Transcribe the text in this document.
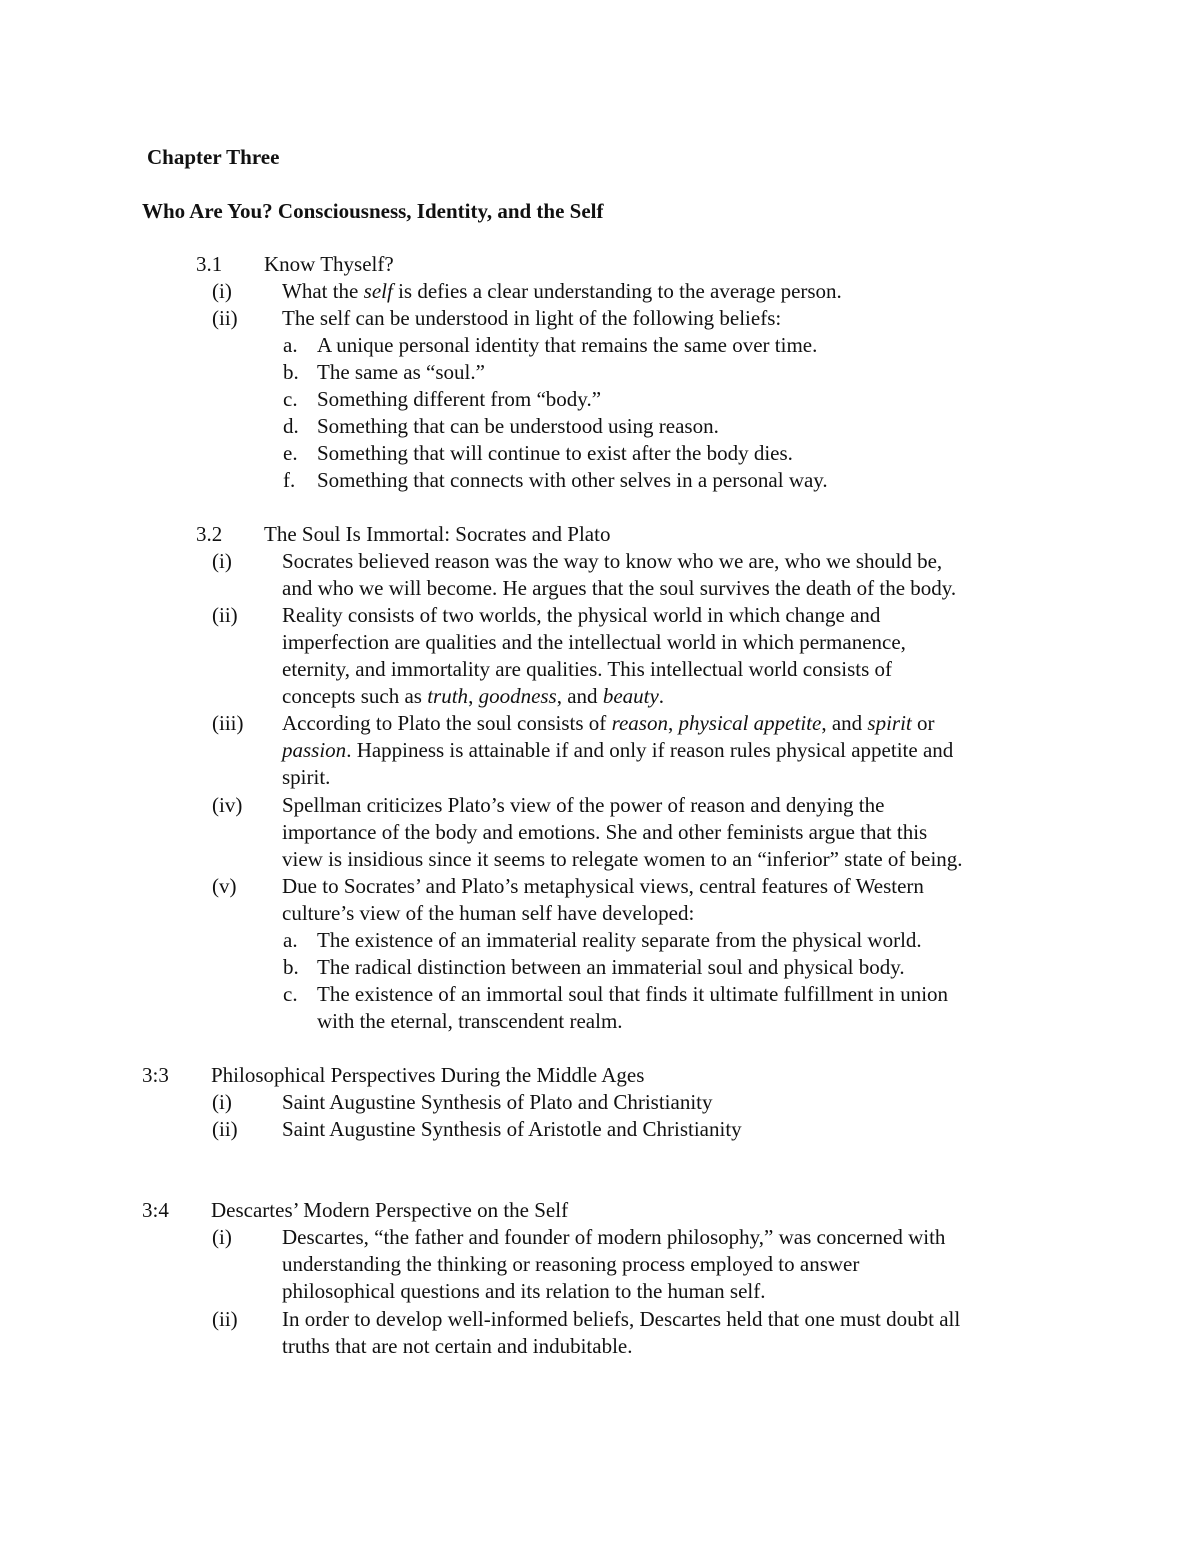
Chapter Three
Who Are You? Consciousness, Identity, and the Self
3.1 Know Thyself?
(i) What the self is defies a clear understanding to the average person.
(ii) The self can be understood in light of the following beliefs:
a. A unique personal identity that remains the same over time.
b. The same as “soul.”
c. Something different from “body.”
d. Something that can be understood using reason.
e. Something that will continue to exist after the body dies.
f. Something that connects with other selves in a personal way.
3.2 The Soul Is Immortal: Socrates and Plato
(i) Socrates believed reason was the way to know who we are, who we should be,
and who we will become. He argues that the soul survives the death of the body.
(ii) Reality consists of two worlds, the physical world in which change and
imperfection are qualities and the intellectual world in which permanence,
eternity, and immortality are qualities. This intellectual world consists of
concepts such as truth, goodness, and beauty.
(iii) According to Plato the soul consists of reason, physical appetite, and spirit or
passion. Happiness is attainable if and only if reason rules physical appetite and
spirit.
(iv) Spellman criticizes Plato’s view of the power of reason and denying the
importance of the body and emotions. She and other feminists argue that this
view is insidious since it seems to relegate women to an “inferior” state of being.
(v) Due to Socrates’ and Plato’s metaphysical views, central features of Western
culture’s view of the human self have developed:
a. The existence of an immaterial reality separate from the physical world.
b. The radical distinction between an immaterial soul and physical body.
c. The existence of an immortal soul that finds it ultimate fulfillment in union
with the eternal, transcendent realm.
3:3 Philosophical Perspectives During the Middle Ages
(i) Saint Augustine Synthesis of Plato and Christianity
(ii) Saint Augustine Synthesis of Aristotle and Christianity
3:4 Descartes’ Modern Perspective on the Self
(i) Descartes, “the father and founder of modern philosophy,” was concerned with
understanding the thinking or reasoning process employed to answer
philosophical questions and its relation to the human self.
(ii) In order to develop well-informed beliefs, Descartes held that one must doubt all
truths that are not certain and indubitable.
